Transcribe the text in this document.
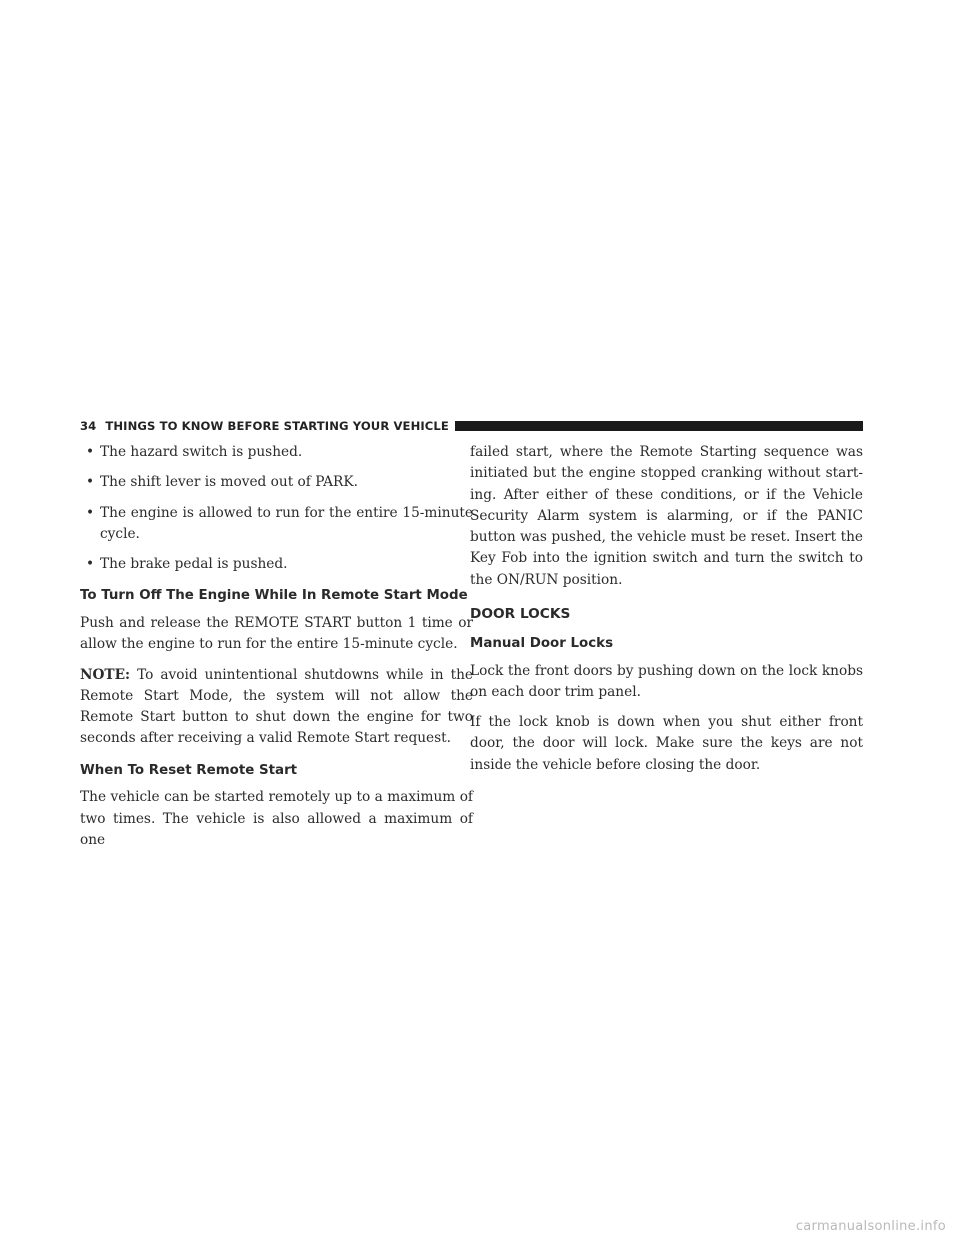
34 THINGS TO KNOW BEFORE STARTING YOUR VEHICLE
• The hazard switch is pushed.
• The shift lever is moved out of PARK.
• The engine is allowed to run for the entire 15-minute cycle.
• The brake pedal is pushed.
To Turn Off The Engine While In Remote Start Mode

Push and release the REMOTE START button 1 time or allow the engine to run for the entire 15-minute cycle.

NOTE: To avoid unintentional shutdowns while in the Remote Start Mode, the system will not allow the Remote Start button to shut down the engine for two seconds after receiving a valid Remote Start request.

When To Reset Remote Start

The vehicle can be started remotely up to a maximum of two times. The vehicle is also allowed a maximum of one

failed start, where the Remote Starting sequence was initiated but the engine stopped cranking without start-ing. After either of these conditions, or if the Vehicle Security Alarm system is alarming, or if the PANIC button was pushed, the vehicle must be reset. Insert the Key Fob into the ignition switch and turn the switch to the ON/RUN position.

DOOR LOCKS
Manual Door Locks

Lock the front doors by pushing down on the lock knobs on each door trim panel.

If the lock knob is down when you shut either front door, the door will lock. Make sure the keys are not inside the vehicle before closing the door.

carmanualsonline.info
